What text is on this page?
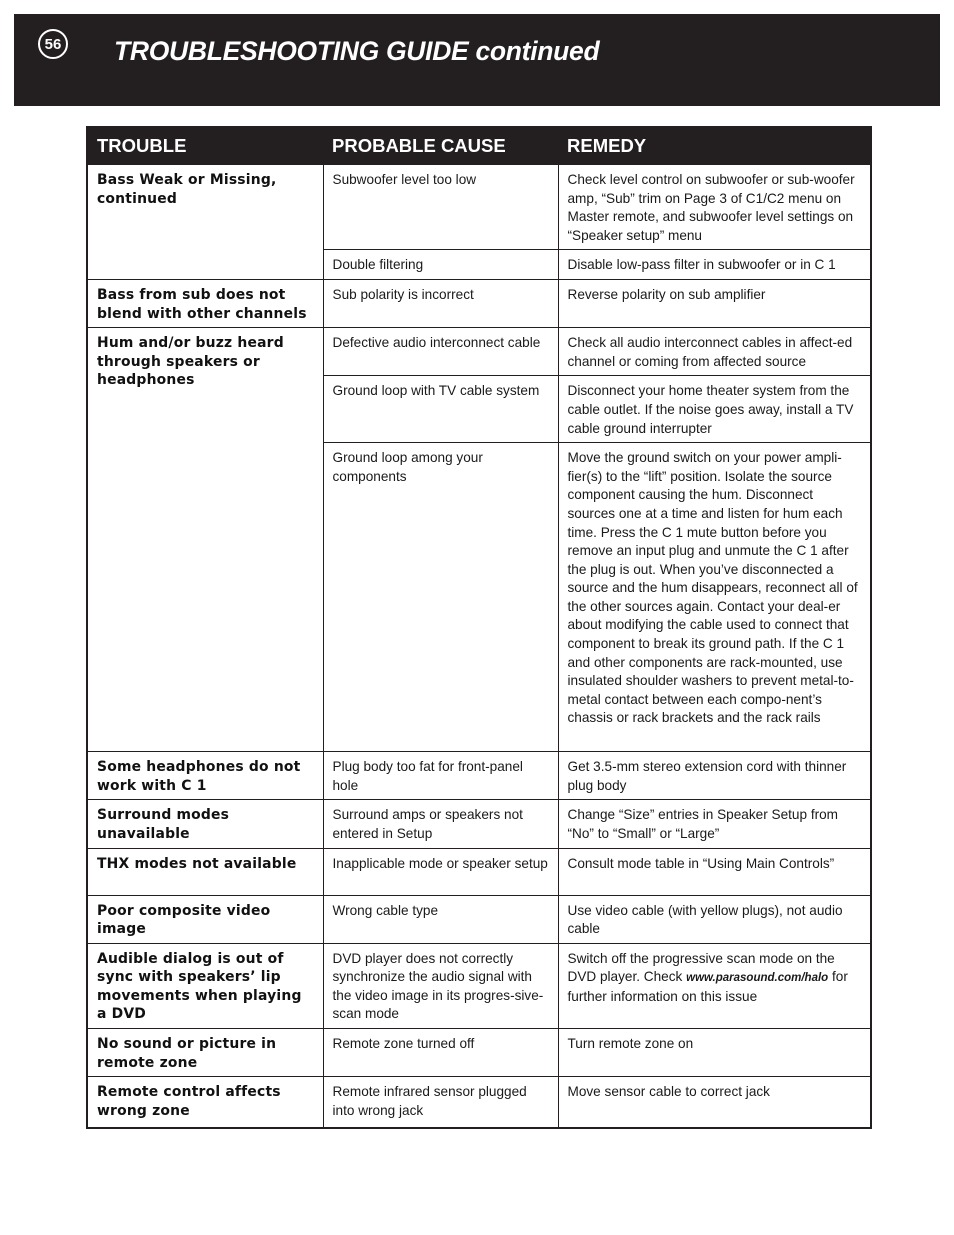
56 TROUBLESHOOTING GUIDE continued
TROUBLE	PROBABLE CAUSE	REMEDY
Bass Weak or Missing, continued	Subwoofer level too low	Check level control on subwoofer or sub-woofer amp, “Sub” trim on Page 3 of C1/C2 menu on Master remote, and subwoofer level settings on “Speaker setup” menu
	Double filtering	Disable low-pass filter in subwoofer or in C 1
Bass from sub does not blend with other channels	Sub polarity is incorrect	Reverse polarity on sub amplifier
Hum and/or buzz heard through speakers or headphones	Defective audio interconnect cable	Check all audio interconnect cables in affect-ed channel or coming from affected source
	Ground loop with TV cable system	Disconnect your home theater system from the cable outlet. If the noise goes away, install a TV cable ground interrupter
	Ground loop among your components	Move the ground switch on your power ampli-fier(s) to the “lift” position. Isolate the source component causing the hum. Disconnect sources one at a time and listen for hum each time. Press the C 1 mute button before you remove an input plug and unmute the C 1 after the plug is out. When you’ve disconnected a source and the hum disappears, reconnect all of the other sources again. Contact your deal-er about modifying the cable used to connect that component to break its ground path. If the C 1 and other components are rack-mounted, use insulated shoulder washers to prevent metal-to-metal contact between each compo-nent’s chassis or rack brackets and the rack rails
Some headphones do not work with C 1	Plug body too fat for front-panel hole	Get 3.5-mm stereo extension cord with thinner plug body
Surround modes unavailable	Surround amps or speakers not entered in Setup	Change “Size” entries in Speaker Setup from “No” to “Small” or “Large”
THX modes not available	Inapplicable mode or speaker setup	Consult mode table in “Using Main Controls”
Poor composite video image	Wrong cable type	Use video cable (with yellow plugs), not audio cable
Audible dialog is out of sync with speakers’ lip movements when playing a DVD	DVD player does not correctly synchronize the audio signal with the video image in its progres-sive-scan mode	Switch off the progressive scan mode on the DVD player. Check www.parasound.com/halo for further information on this issue
No sound or picture in remote zone	Remote zone turned off	Turn remote zone on
Remote control affects wrong zone	Remote infrared sensor plugged into wrong jack	Move sensor cable to correct jack
